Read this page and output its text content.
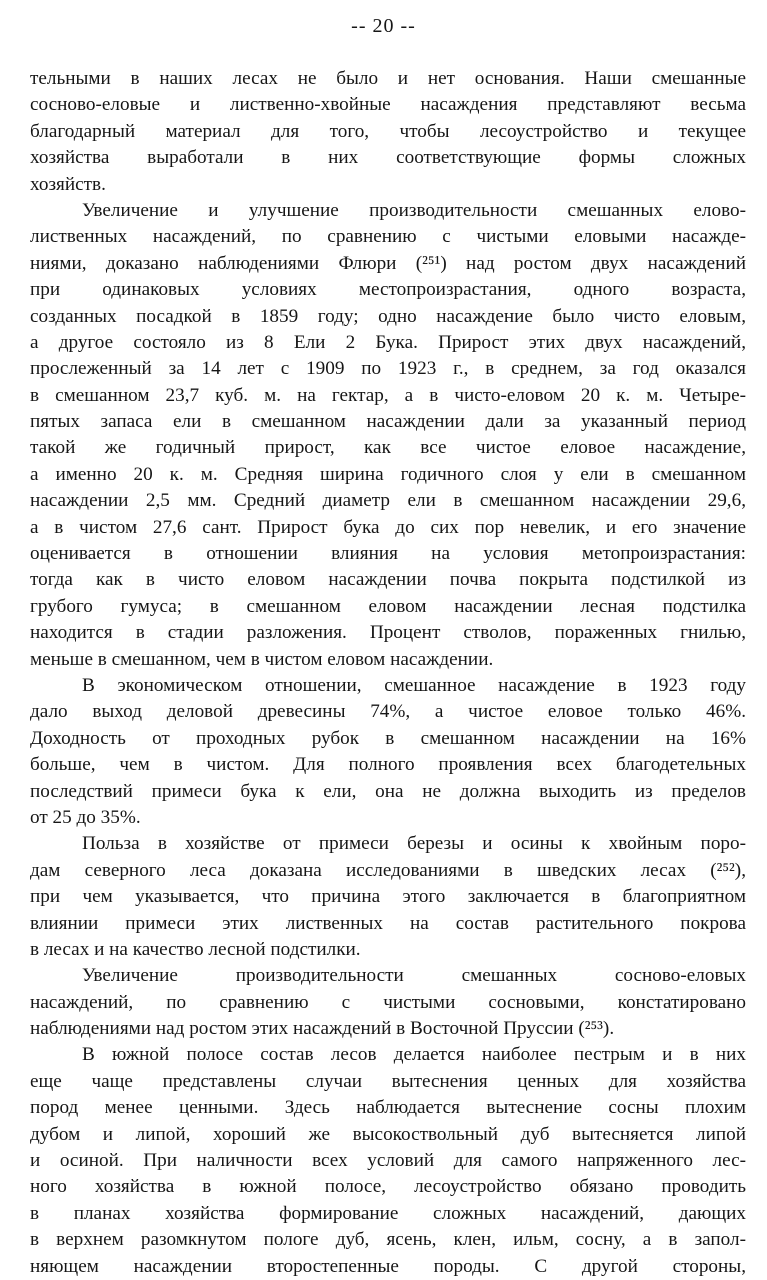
-- 20 --
тельными в наших лесах не было и нет основания. Наши смешанные
сосново-еловые и лиственно-хвойные насаждения представляют весьма
благодарный материал для того, чтобы лесоустройство и текущее
хозяйства выработали в них соответствующие формы сложных
хозяйств.
Увеличение и улучшение производительности смешанных елово-
лиственных насаждений, по сравнению с чистыми еловыми насажде-
ниями, доказано наблюдениями Флюри (²⁵¹) над ростом двух насаждений
при одинаковых условиях местопроизрастания, одного возраста,
созданных посадкой в 1859 году; одно насаждение было чисто еловым,
а другое состояло из 8 Ели 2 Бука. Прирост этих двух насаждений,
прослеженный за 14 лет с 1909 по 1923 г., в среднем, за год оказался
в смешанном 23,7 куб. м. на гектар, а в чисто-еловом 20 к. м. Четыре-
пятых запаса ели в смешанном насаждении дали за указанный период
такой же годичный прирост, как все чистое еловое насаждение,
а именно 20 к. м. Средняя ширина годичного слоя у ели в смешанном
насаждении 2,5 мм. Средний диаметр ели в смешанном насаждении 29,6,
а в чистом 27,6 сант. Прирост бука до сих пор невелик, и его значение
оценивается в отношении влияния на условия метопроизрастания:
тогда как в чисто еловом насаждении почва покрыта подстилкой из
грубого гумуса; в смешанном еловом насаждении лесная подстилка
находится в стадии разложения. Процент стволов, пораженных гнилью,
меньше в смешанном, чем в чистом еловом насаждении.
В экономическом отношении, смешанное насаждение в 1923 году
дало выход деловой древесины 74%, а чистое еловое только 46%.
Доходность от проходных рубок в смешанном насаждении на 16%
больше, чем в чистом. Для полного проявления всех благодетельных
последствий примеси бука к ели, она не должна выходить из пределов
от 25 до 35%.
Польза в хозяйстве от примеси березы и осины к хвойным поро-
дам северного леса доказана исследованиями в шведских лесах (²⁵²),
при чем указывается, что причина этого заключается в благоприятном
влиянии примеси этих лиственных на состав растительного покрова
в лесах и на качество лесной подстилки.
Увеличение производительности смешанных сосново-еловых
насаждений, по сравнению с чистыми сосновыми, констатировано
наблюдениями над ростом этих насаждений в Восточной Пруссии (²⁵³).
В южной полосе состав лесов делается наиболее пестрым и в них
еще чаще представлены случаи вытеснения ценных для хозяйства
пород менее ценными. Здесь наблюдается вытеснение сосны плохим
дубом и липой, хороший же высокоствольный дуб вытесняется липой
и осиной. При наличности всех условий для самого напряженного лес-
ного хозяйства в южной полосе, лесоустройство обязано проводить
в планах хозяйства формирование сложных насаждений, дающих
в верхнем разомкнутом пологе дуб, ясень, клен, ильм, сосну, а в запол-
няющем насаждении второстепенные породы. С другой стороны,
